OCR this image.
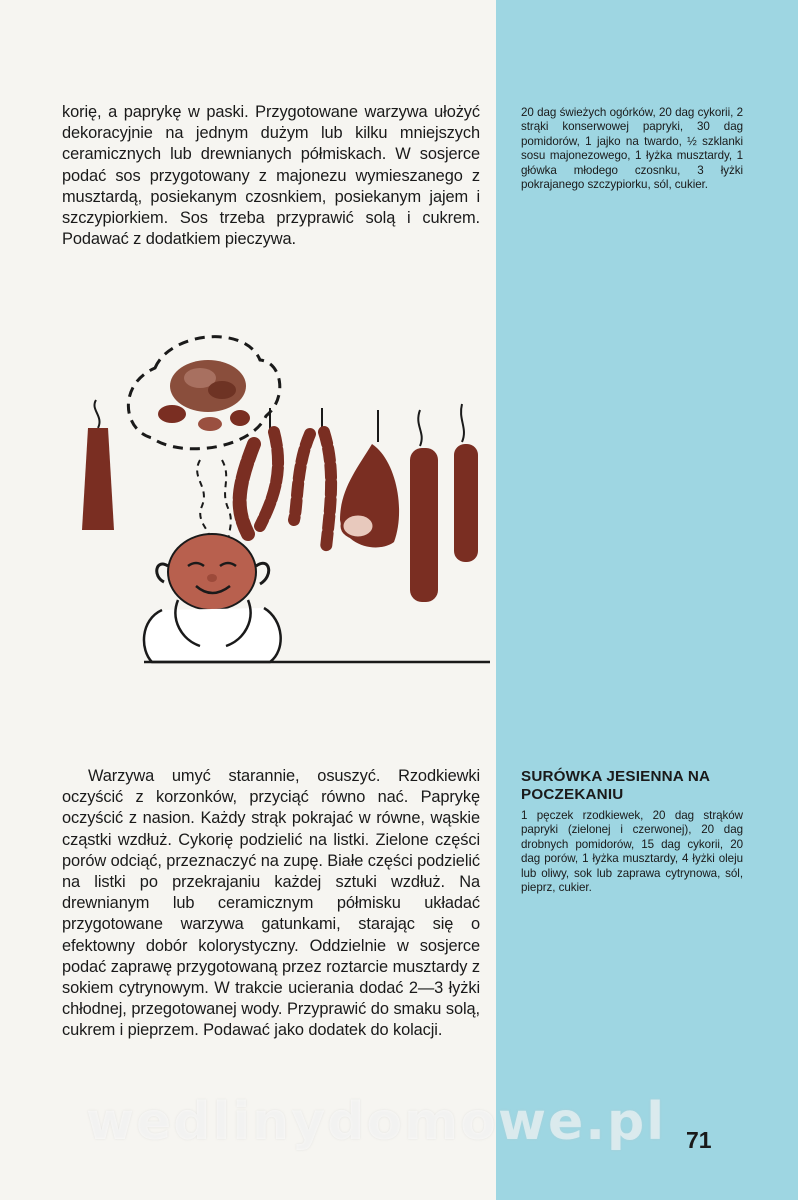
korię, a paprykę w paski. Przygotowane warzywa ułożyć dekoracyjnie na jednym dużym lub kilku mniejszych ceramicznych lub drewnianych półmiskach. W sosjerce podać sos przygotowany z majonezu wymieszanego z musztardą, posiekanym czosnkiem, posiekanym jajem i szczypiorkiem. Sos trzeba przyprawić solą i cukrem. Podawać z dodatkiem pieczywa.

20 dag świeżych ogórków, 20 dag cykorii, 2 strąki konserwowej papryki, 30 dag pomidorów, 1 jajko na twardo, ½ szklanki sosu majonezowego, 1 łyżka musztardy, 1 główka młodego czosnku, 3 łyżki pokrajanego szczypiorku, sól, cukier.

Warzywa umyć starannie, osuszyć. Rzodkiewki oczyścić z korzonków, przyciąć równo nać. Paprykę oczyścić z nasion. Każdy strąk pokrajać w równe, wąskie cząstki wzdłuż. Cykorię podzielić na listki. Zielone części porów odciąć, przeznaczyć na zupę. Białe części podzielić na listki po przekrajaniu każdej sztuki wzdłuż. Na drewnianym lub ceramicznym półmisku układać przygotowane warzywa gatunkami, starając się o efektowny dobór kolorystyczny. Oddzielnie w sosjerce podać zaprawę przygotowaną przez roztarcie musztardy z sokiem cytrynowym. W trakcie ucierania dodać 2—3 łyżki chłodnej, przegotowanej wody. Przyprawić do smaku solą, cukrem i pieprzem. Podawać jako dodatek do kolacji.

SURÓWKA JESIENNA NA POCZEKANIU
1 pęczek rzodkiewek, 20 dag strąków papryki (zielonej i czerwonej), 20 dag drobnych pomidorów, 15 dag cykorii, 20 dag porów, 1 łyżka musztardy, 4 łyżki oleju lub oliwy, sok lub zaprawa cytrynowa, sól, pieprz, cukier.
wedlinydomowe.pl 71
